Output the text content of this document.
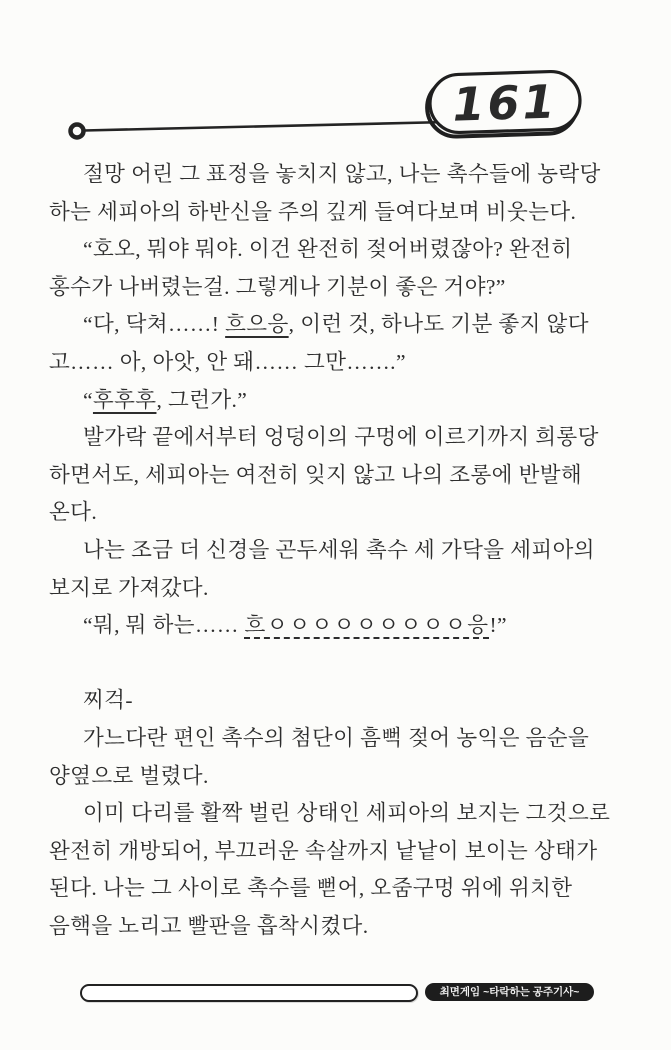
161
절망 어린 그 표정을 놓치지 않고, 나는 촉수들에 농락당
하는 세피아의 하반신을 주의 깊게 들여다보며 비웃는다.
“호오, 뭐야 뭐야. 이건 완전히 젖어버렸잖아? 완전히
홍수가 나버렸는걸. 그렇게나 기분이 좋은 거야?”
“다, 닥쳐……! 흐으응, 이런 것, 하나도 기분 좋지 않다
고…… 아, 아앗, 안 돼…… 그만…….”
“후후후, 그런가.”
발가락 끝에서부터 엉덩이의 구멍에 이르기까지 희롱당
하면서도, 세피아는 여전히 잊지 않고 나의 조롱에 반발해
온다.
나는 조금 더 신경을 곤두세워 촉수 세 가닥을 세피아의
보지로 가져갔다.
“뭐, 뭐 하는…… 흐ㅇㅇㅇㅇㅇㅇㅇㅇㅇ응!”
찌걱-
가느다란 편인 촉수의 첨단이 흠뻑 젖어 농익은 음순을
양옆으로 벌렸다.
이미 다리를 활짝 벌린 상태인 세피아의 보지는 그것으로
완전히 개방되어, 부끄러운 속살까지 낱낱이 보이는 상태가
된다. 나는 그 사이로 촉수를 뻗어, 오줌구멍 위에 위치한
음핵을 노리고 빨판을 흡착시켰다.
최면게임 ~타락하는 공주기사~
